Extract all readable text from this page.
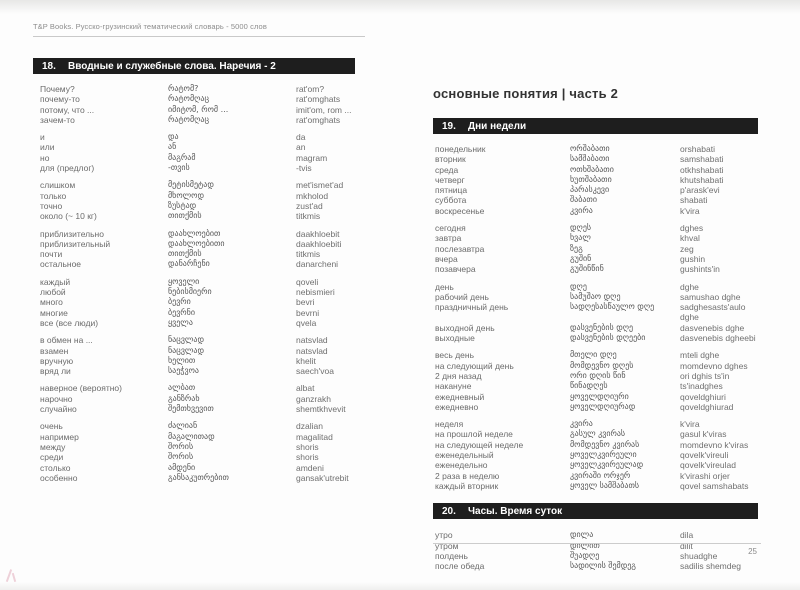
T&P Books. Русско-грузинский тематический словарь - 5000 слов
18.	Вводные и служебные слова. Наречия - 2
Почему?	რატომ?	rat'om?
почему-то	რატომღაც	rat'omghats
потому, что ...	იმიტომ, რომ ...	imit'om, rom ...
зачем-то	რატომღაც	rat'omghats
и	და	da
или	ან	an
но	მაგრამ	magram
для (предлог)	-თვის	-tvis
слишком	მეტისმეტად	met'ismet'ad
только	მხოლოდ	mkholod
точно	ზუსტად	zust'ad
около (~ 10 кг)	თითქმის	titkmis
приблизительно	დაახლოებით	daakhloebit
приблизительный	დაახლოებითი	daakhloebiti
почти	თითქმის	titkmis
остальное	დანარჩენი	danarcheni
каждый	ყოველი	qoveli
любой	ნებისმიერი	nebismieri
много	ბევრი	bevri
многие	ბევრნი	bevrni
все (все люди)	ყველა	qvela
в обмен на ...	ნაცვლად	natsvlad
взамен	ნაცვლად	natsvlad
вручную	ხელით	khelit
вряд ли	საეჭვოა	saech'voa
наверное (вероятно)	ალბათ	albat
нарочно	განზრახ	ganzrakh
случайно	შემთხვევით	shemtkhvevit
очень	ძალიან	dzalian
например	მაგალითად	magalitad
между	შორის	shoris
среди	შორის	shoris
столько	ამდენი	amdeni
особенно	განსაკუთრებით	gansak'utrebit
основные понятия | часть 2
19.	Дни недели
понедельник	ორშაბათი	orshabati
вторник	სამშაბათი	samshabati
среда	ოთხშაბათი	otkhshabati
четверг	ხუთშაბათი	khutshabati
пятница	პარასკევი	p'arask'evi
суббота	შაბათი	shabati
воскресенье	კვირა	k'vira
сегодня	დღეს	dghes
завтра	ხვალ	khval
послезавтра	ზეგ	zeg
вчера	გუშინ	gushin
позавчера	გუშინწინ	gushints'in
день	დღე	dghe
рабочий день	სამუშაო დღე	samushao dghe
праздничный день	სადღესასწაულო დღე	sadghesasts'aulo dghe
выходной день	დასვენების დღე	dasvenebis dghe
выходные	დასვენების დღეები	dasvenebis dgheebi
весь день	მთელი დღე	mteli dghe
на следующий день	მომდევნო დღეს	momdevno dghes
2 дня назад	ორი დღის წინ	ori dghis ts'in
накануне	წინადღეს	ts'inadghes
ежедневный	ყოველდღიური	qoveldghiuri
ежедневно	ყოველდღიურად	qoveldghiurad
неделя	კვირა	k'vira
на прошлой неделе	გასულ კვირას	gasul k'viras
на следующей неделе	მომდევნო კვირას	momdevno k'viras
еженедельный	ყოველკვირეული	qovelk'vireuli
еженедельно	ყოველკვირეულად	qovelk'vireulad
2 раза в неделю	კვირაში ორჯერ	k'virashi orjer
каждый вторник	ყოველ სამშაბათს	qovel samshabats
20.	Часы. Время суток
утро	დილა	dila
утром	დილით	dilit
полдень	შუადღე	shuadghe
после обеда	სადილის შემდეგ	sadilis shemdeg
25
